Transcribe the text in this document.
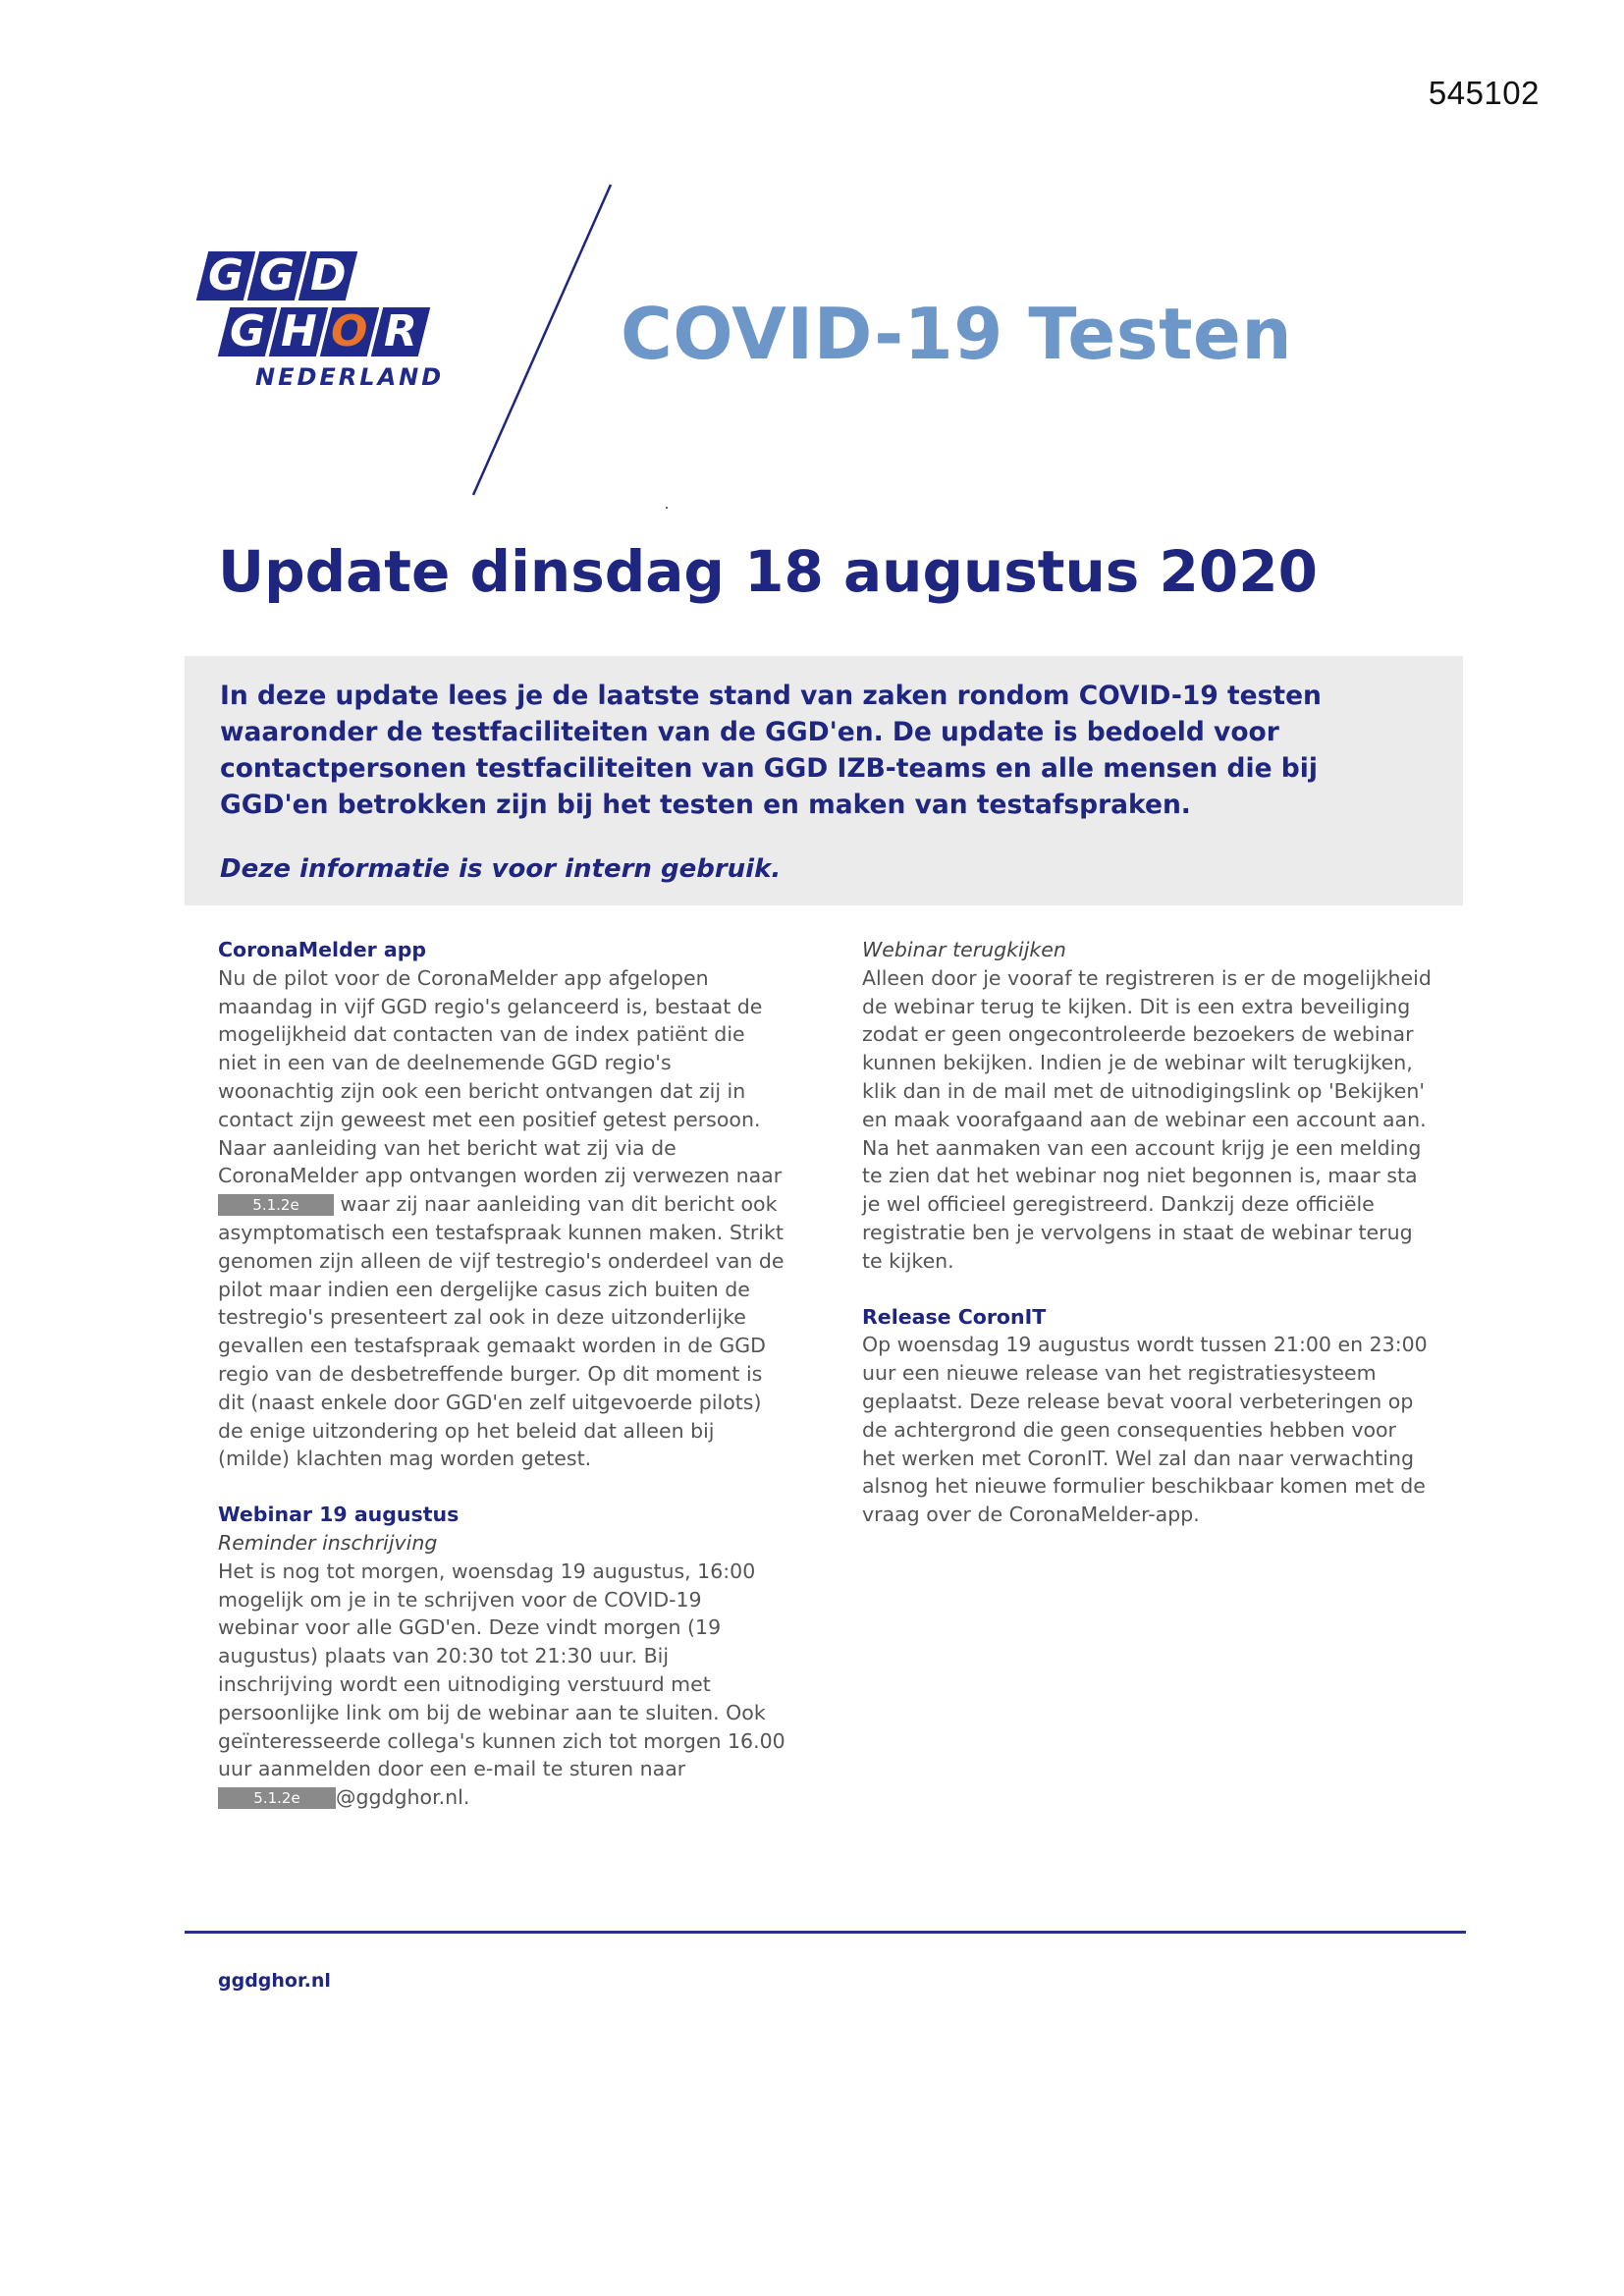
545102
G G D
G H O R
NEDERLAND
COVID-19 Testen
Update dinsdag 18 augustus 2020

In deze update lees je de laatste stand van zaken rondom COVID-19 testen waaronder de testfaciliteiten van de GGD'en. De update is bedoeld voor contactpersonen testfaciliteiten van GGD IZB-teams en alle mensen die bij GGD'en betrokken zijn bij het testen en maken van testafspraken.

Deze informatie is voor intern gebruik.

CoronaMelder app

Nu de pilot voor de CoronaMelder app afgelopen maandag in vijf GGD regio's gelanceerd is, bestaat de mogelijkheid dat contacten van de index patiënt die niet in een van de deelnemende GGD regio's woonachtig zijn ook een bericht ontvangen dat zij in contact zijn geweest met een positief getest persoon.

Naar aanleiding van het bericht wat zij via de CoronaMelder app ontvangen worden zij verwezen naar 5.1.2e waar zij naar aanleiding van dit bericht ook asymptomatisch een testafspraak kunnen maken. Strikt genomen zijn alleen de vijf testregio's onderdeel van de pilot maar indien een dergelijke casus zich buiten de testregio's presenteert zal ook in deze uitzonderlijke gevallen een testafspraak gemaakt worden in de GGD regio van de desbetreffende burger. Op dit moment is dit (naast enkele door GGD'en zelf uitgevoerde pilots) de enige uitzondering op het beleid dat alleen bij (milde) klachten mag worden getest.

Webinar 19 augustus

Reminder inschrijving

Het is nog tot morgen, woensdag 19 augustus, 16:00 mogelijk om je in te schrijven voor de COVID-19 webinar voor alle GGD'en. Deze vindt morgen (19 augustus) plaats van 20:30 tot 21:30 uur. Bij inschrijving wordt een uitnodiging verstuurd met persoonlijke link om bij de webinar aan te sluiten. Ook geïnteresseerde collega's kunnen zich tot morgen 16.00 uur aanmelden door een e-mail te sturen naar 5.1.2e @ggdghor.nl.

Webinar terugkijken

Alleen door je vooraf te registreren is er de mogelijkheid de webinar terug te kijken. Dit is een extra beveiliging zodat er geen ongecontroleerde bezoekers de webinar kunnen bekijken. Indien je de webinar wilt terugkijken, klik dan in de mail met de uitnodigingslink op 'Bekijken' en maak voorafgaand aan de webinar een account aan. Na het aanmaken van een account krijg je een melding te zien dat het webinar nog niet begonnen is, maar sta je wel officieel geregistreerd. Dankzij deze officiële registratie ben je vervolgens in staat de webinar terug te kijken.

Release CoronIT

Op woensdag 19 augustus wordt tussen 21:00 en 23:00 uur een nieuwe release van het registratiesysteem geplaatst. Deze release bevat vooral verbeteringen op de achtergrond die geen consequenties hebben voor het werken met CoronIT. Wel zal dan naar verwachting alsnog het nieuwe formulier beschikbaar komen met de vraag over de CoronaMelder-app.

ggdghor.nl
